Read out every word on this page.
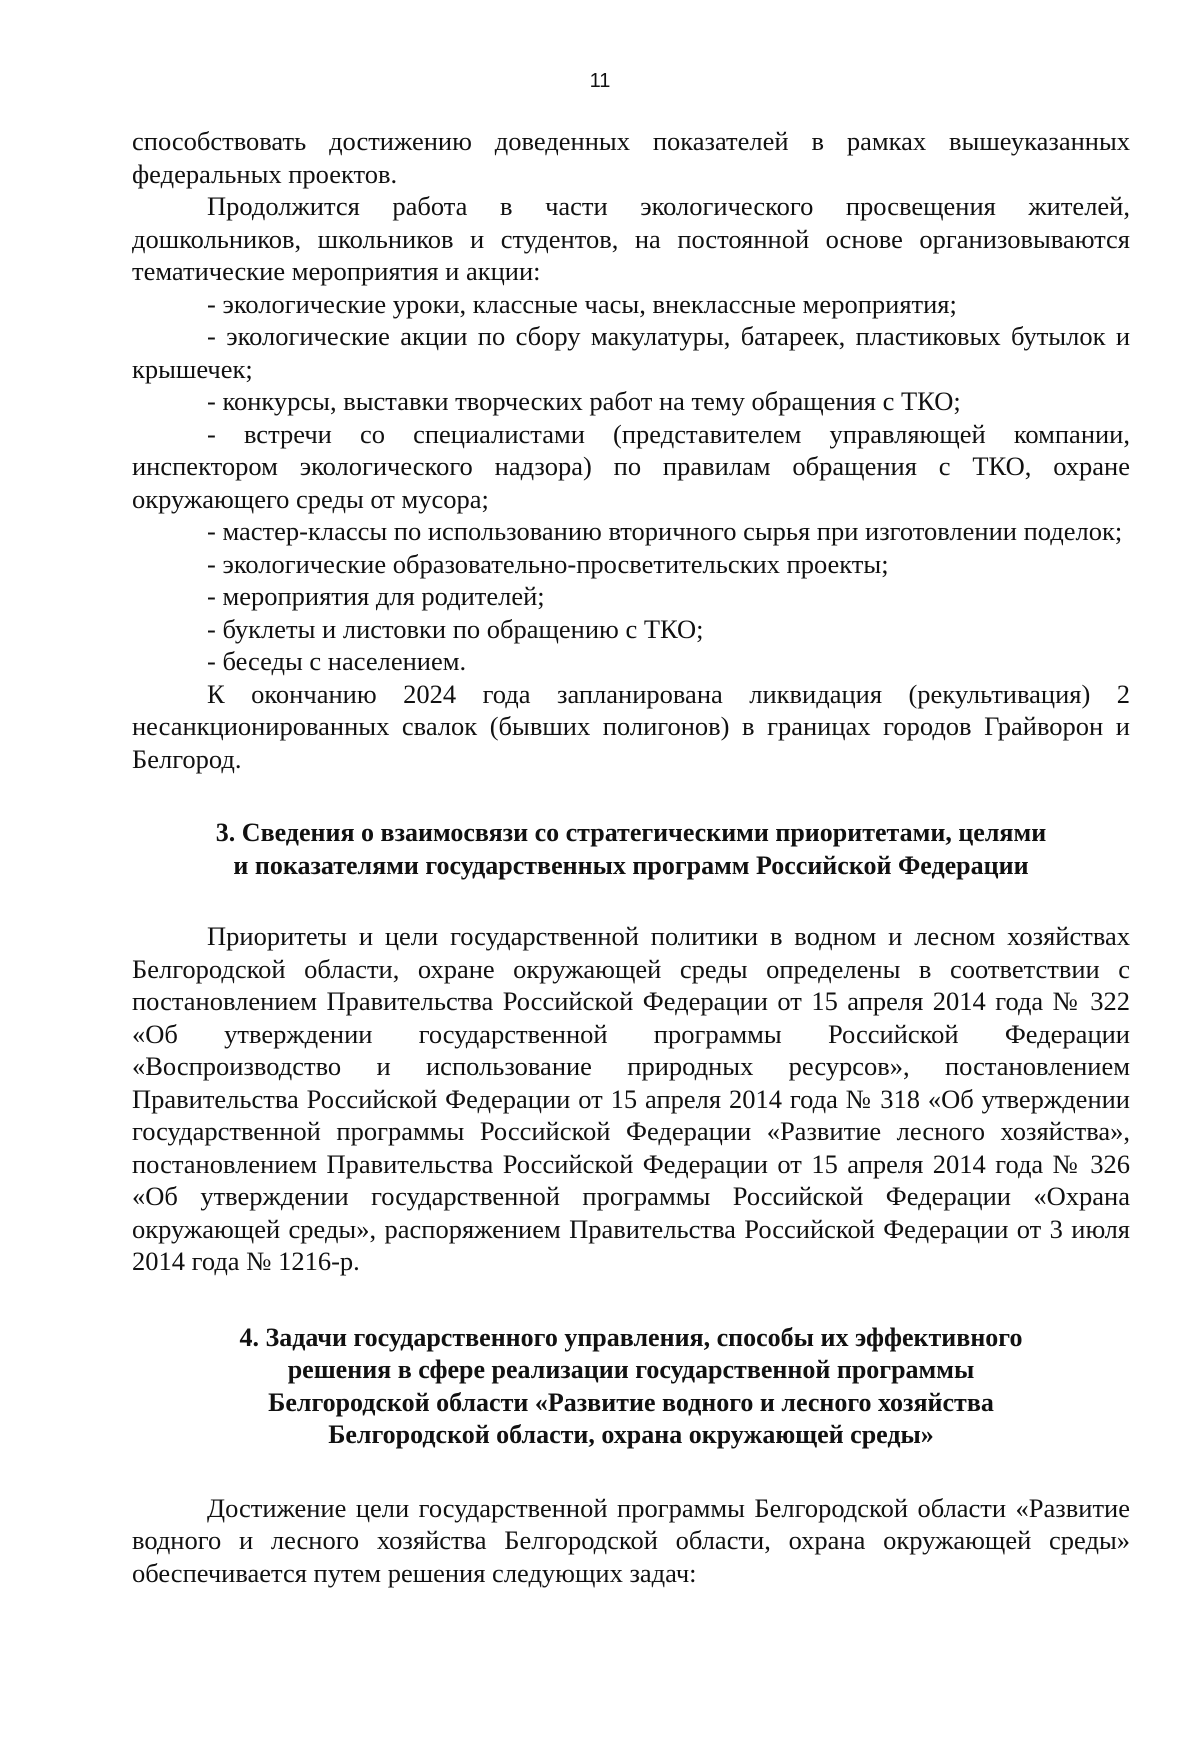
11

способствовать достижению доведенных показателей в рамках вышеуказанных федеральных проектов.

Продолжится работа в части экологического просвещения жителей, дошкольников, школьников и студентов, на постоянной основе организовываются тематические мероприятия и акции:

- экологические уроки, классные часы, внеклассные мероприятия;

- экологические акции по сбору макулатуры, батареек, пластиковых бутылок и крышечек;

- конкурсы, выставки творческих работ на тему обращения с ТКО;

- встречи со специалистами (представителем управляющей компании, инспектором экологического надзора) по правилам обращения с ТКО, охране окружающего среды от мусора;

- мастер-классы по использованию вторичного сырья при изготовлении поделок;

- экологические образовательно-просветительских проекты;

- мероприятия для родителей;

- буклеты и листовки по обращению с ТКО;

- беседы с населением.

К окончанию 2024 года запланирована ликвидация (рекультивация) 2 несанкционированных свалок (бывших полигонов) в границах городов Грайворон и Белгород.

3. Сведения о взаимосвязи со стратегическими приоритетами, целями
и показателями государственных программ Российской Федерации

Приоритеты и цели государственной политики в водном и лесном хозяйствах Белгородской области, охране окружающей среды определены в соответствии с постановлением Правительства Российской Федерации от 15 апреля 2014 года № 322 «Об утверждении государственной программы Российской Федерации «Воспроизводство и использование природных ресурсов», постановлением Правительства Российской Федерации от 15 апреля 2014 года № 318 «Об утверждении государственной программы Российской Федерации «Развитие лесного хозяйства», постановлением Правительства Российской Федерации от 15 апреля 2014 года № 326 «Об утверждении государственной программы Российской Федерации «Охрана окружающей среды», распоряжением Правительства Российской Федерации от 3 июля 2014 года № 1216-р.

4. Задачи государственного управления, способы их эффективного
решения в сфере реализации государственной программы
Белгородской области «Развитие водного и лесного хозяйства
Белгородской области, охрана окружающей среды»

Достижение цели государственной программы Белгородской области «Развитие водного и лесного хозяйства Белгородской области, охрана окружающей среды» обеспечивается путем решения следующих задач:
